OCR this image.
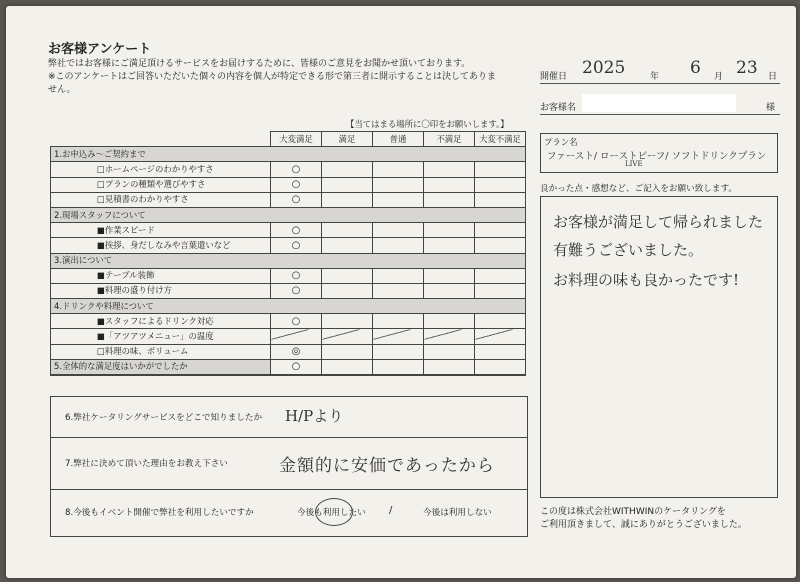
お客様アンケート
弊社ではお客様にご満足頂けるサービスをお届けするために、皆様のご意見をお聞かせ頂いております。
※このアンケートはご回答いただいた個々の内容を個人が特定できる形で第三者に開示することは決してありま
せん。
【当てはまる場所に〇印をお願いします。】
	大変満足	満足	普通	不満足	大変不満足
1.お申込み～ご契約まで					
□ホームページのわかりやすさ	○				
□プランの種類や選びやすさ	○				
□見積書のわかりやすさ	○				
2.現場スタッフについて					
■作業スピード	○				
■挨拶、身だしなみや言葉遣いなど	○				
3.演出について					
■テーブル装飾	○				
■料理の盛り付け方	○				
4.ドリンクや料理について					
■スタッフによるドリンク対応	○				
■「アツアツメニュー」の温度					
□料理の味、ボリューム	◎				
5.全体的な満足度はいかがでしたか	○				
6.弊社ケータリングサービスをどこで知りましたか H/Pより
7.弊社に決めて頂いた理由をお教え下さい	金額的に安価であったから
8.今後もイベント開催で弊社を利用したいですか	今後も利用したい /	今後は利用しない
開催日 2025	年 6 月 23 日
お客様名	様
プラン名
ファースト/ ローストビーフ/ ソフトドリンクプラン
LIVE
良かった点・感想など、ご記入をお願い致します。
お客様が満足して帰られました
有難うございました。
お料理の味も良かったです!
この度は株式会社WITHWINのケータリングを
ご利用頂きまして、誠にありがとうございました。
